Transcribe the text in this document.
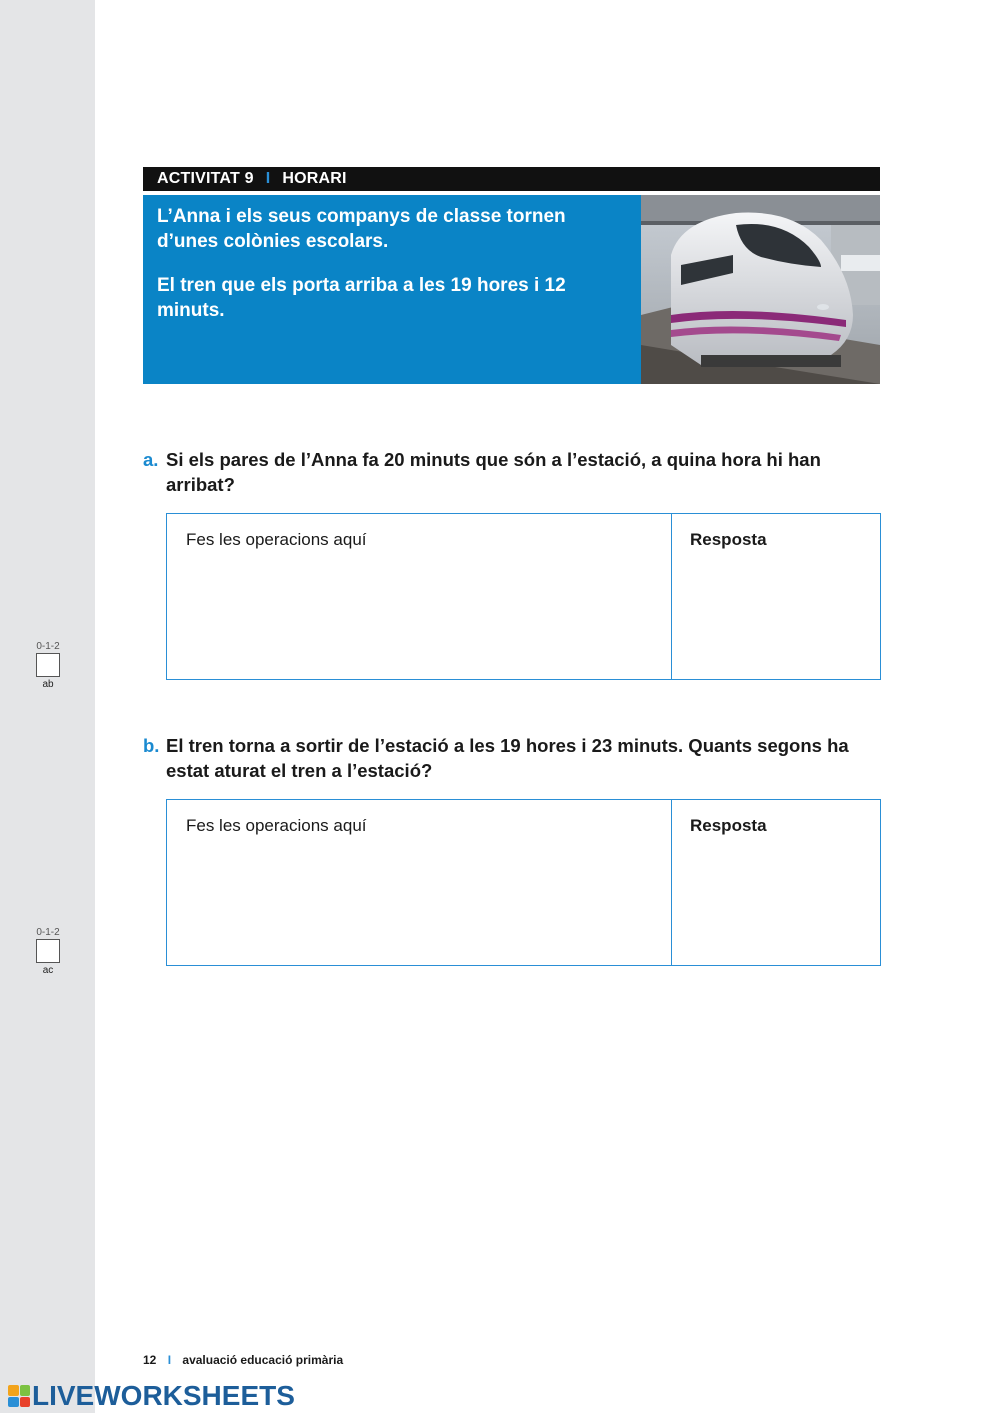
ACTIVITAT 9 I HORARI

L’Anna i els seus companys de classe tornen d’unes colònies escolars.

El tren que els porta arriba a les 19 hores i 12 minuts.

a. Si els pares de l’Anna fa 20 minuts que són a l’estació, a quina hora hi han arribat?
Fes les operacions aquí	Resposta
0-1-2
ab
b. El tren torna a sortir de l’estació a les 19 hores i 23 minuts. Quants segons ha estat aturat el tren a l’estació?
Fes les operacions aquí	Resposta
0-1-2
ac
12 I avaluació educació primària
LIVEWORKSHEETS
